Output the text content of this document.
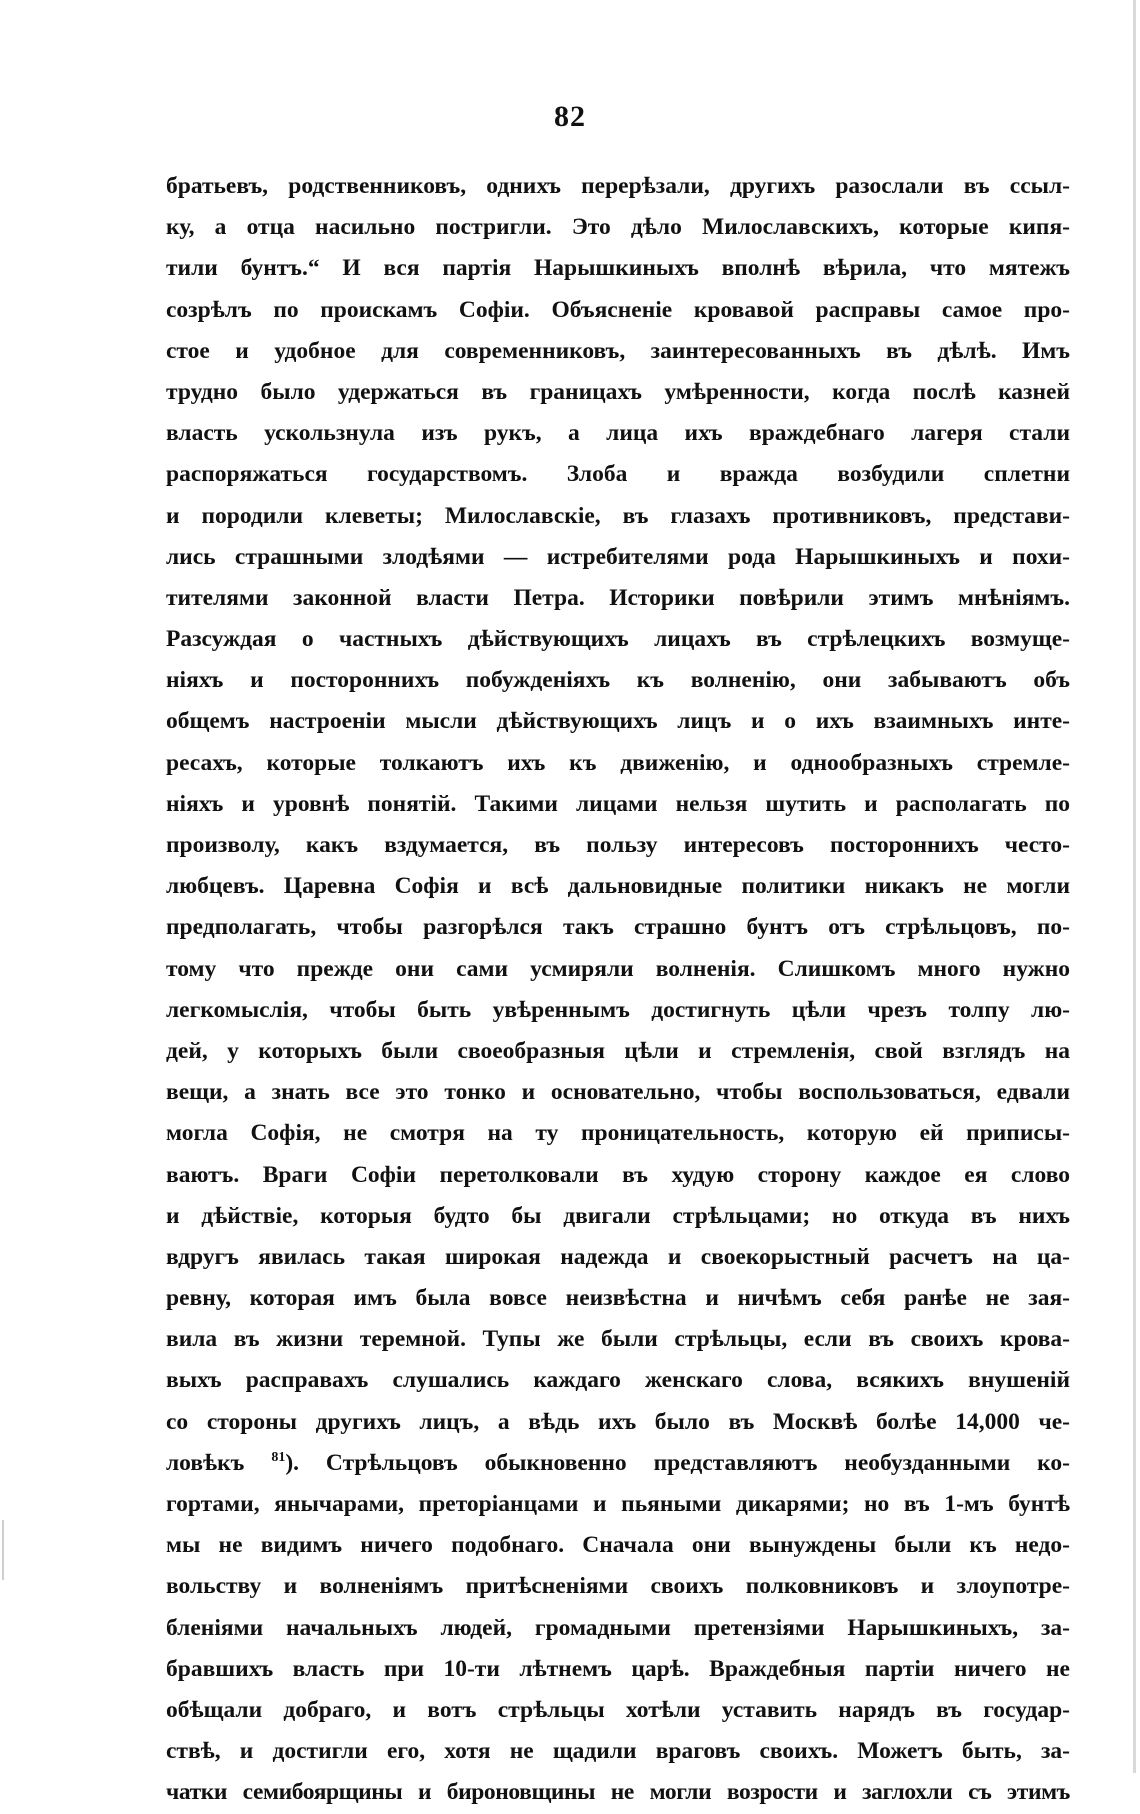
82
братьевъ, родственниковъ, однихъ перерѣзали, другихъ разослали въ ссыл-
ку, а отца насильно постригли. Это дѣло Милославскихъ, которые кипя-
тили бунтъ.“ И вся партія Нарышкиныхъ вполнѣ вѣрила, что мятежъ
созрѣлъ по проискамъ Софіи. Объясненіе кровавой расправы самое про-
стое и удобное для современниковъ, заинтересованныхъ въ дѣлѣ. Имъ
трудно было удержаться въ границахъ умѣренности, когда послѣ казней
власть ускользнула изъ рукъ, а лица ихъ враждебнаго лагеря стали
распоряжаться государствомъ. Злоба и вражда возбудили сплетни
и породили клеветы; Милославскіе, въ глазахъ противниковъ, представи-
лись страшными злодѣями — истребителями рода Нарышкиныхъ и похи-
тителями законной власти Петра. Историки повѣрили этимъ мнѣніямъ.
Разсуждая о частныхъ дѣйствующихъ лицахъ въ стрѣлецкихъ возмуще-
ніяхъ и постороннихъ побужденіяхъ къ волненію, они забываютъ объ
общемъ настроеніи мысли дѣйствующихъ лицъ и о ихъ взаимныхъ инте-
ресахъ, которые толкаютъ ихъ къ движенію, и однообразныхъ стремле-
ніяхъ и уровнѣ понятій. Такими лицами нельзя шутить и располагать по
произволу, какъ вздумается, въ пользу интересовъ постороннихъ често-
любцевъ. Царевна Софія и всѣ дальновидные политики никакъ не могли
предполагать, чтобы разгорѣлся такъ страшно бунтъ отъ стрѣльцовъ, по-
тому что прежде они сами усмиряли волненія. Слишкомъ много нужно
легкомыслія, чтобы быть увѣреннымъ достигнуть цѣли чрезъ толпу лю-
дей, у которыхъ были своеобразныя цѣли и стремленія, свой взглядъ на
вещи, а знать все это тонко и основательно, чтобы воспользоваться, едвали
могла Софія, не смотря на ту проницательность, которую ей приписы-
ваютъ. Враги Софіи перетолковали въ худую сторону каждое ея слово
и дѣйствіе, которыя будто бы двигали стрѣльцами; но откуда въ нихъ
вдругъ явилась такая широкая надежда и своекорыстный расчетъ на ца-
ревну, которая имъ была вовсе неизвѣстна и ничѣмъ себя ранѣе не зая-
вила въ жизни теремной. Тупы же были стрѣльцы, если въ своихъ крова-
выхъ расправахъ слушались каждаго женскаго слова, всякихъ внушеній
со стороны другихъ лицъ, а вѣдь ихъ было въ Москвѣ болѣе 14,000 че-
ловѣкъ $^{81}$). Стрѣльцовъ обыкновенно представляютъ необузданными ко-
гортами, янычарами, преторіанцами и пьяными дикарями; но въ 1-мъ бунтѣ
мы не видимъ ничего подобнаго. Сначала они вынуждены были къ недо-
вольству и волненіямъ притѣсненіями своихъ полковниковъ и злоупотре-
бленіями начальныхъ людей, громадными претензіями Нарышкиныхъ, за-
бравшихъ власть при 10-ти лѣтнемъ царѣ. Враждебныя партіи ничего не
обѣщали добраго, и вотъ стрѣльцы хотѣли уставить нарядъ въ государ-
ствѣ, и достигли его, хотя не щадили враговъ своихъ. Можетъ быть, за-
чатки семибоярщины и бироновщины не могли возрости и заглохли съ этимъ
